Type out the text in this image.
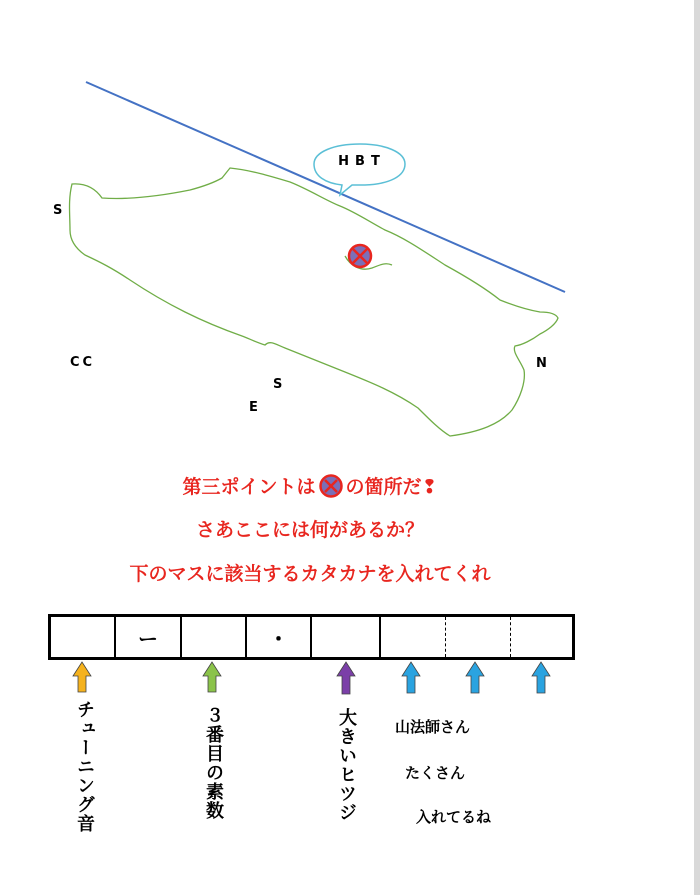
HBT
S
CC
S
E
N
第三ポイントは の箇所だ❢
さあここには何があるか？
下のマスに該当するカタカナを入れてくれ
ー	・
チューニング音	３番目の素数	大きいヒツジ	山法師さん
たくさん
入れてるね
